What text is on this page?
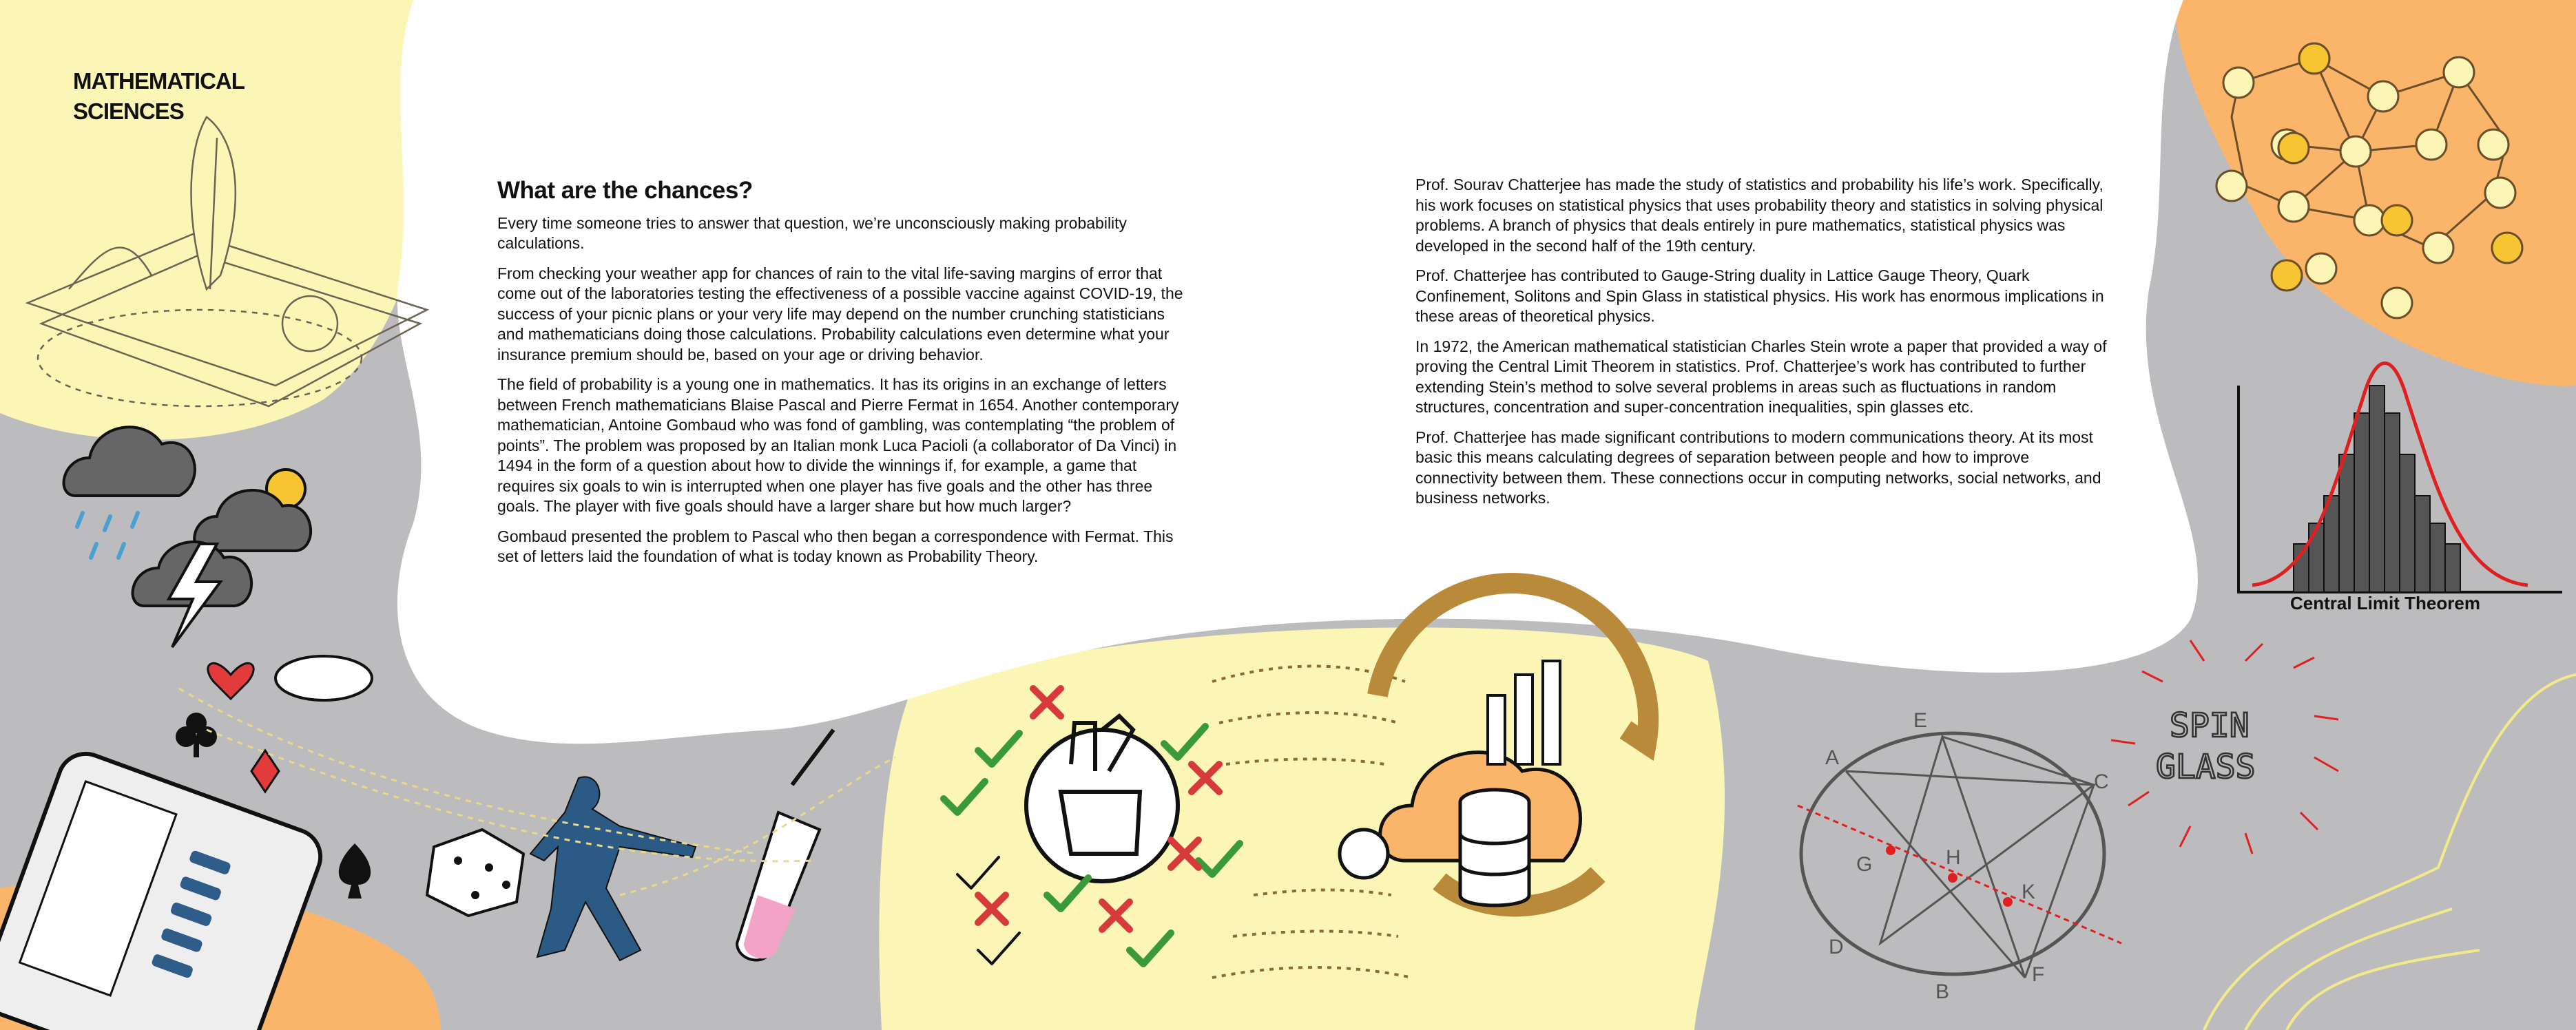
Central Limit Theorem
SPIN
GLASS
A
B
C
D
E
F
G	H
K
MATHEMATICAL SCIENCES
What are the chances?

Every time someone tries to answer that question, we’re unconsciously making probability calculations.

From checking your weather app for chances of rain to the vital life-saving margins of error that come out of the laboratories testing the effectiveness of a possible vaccine against COVID-19, the success of your picnic plans or your very life may depend on the number crunching statisticians and mathematicians doing those calculations. Probability calculations even determine what your insurance premium should be, based on your age or driving behavior.

The field of probability is a young one in mathematics. It has its origins in an exchange of letters between French mathematicians Blaise Pascal and Pierre Fermat in 1654. Another contemporary mathematician, Antoine Gombaud who was fond of gambling, was contemplating “the problem of points”. The problem was proposed by an Italian monk Luca Pacioli (a collaborator of Da Vinci) in 1494 in the form of a question about how to divide the winnings if, for example, a game that requires six goals to win is interrupted when one player has five goals and the other has three goals. The player with five goals should have a larger share but how much larger?

Gombaud presented the problem to Pascal who then began a correspondence with Fermat. This set of letters laid the foundation of what is today known as Probability Theory.

Prof. Sourav Chatterjee has made the study of statistics and probability his life’s work. Specifically, his work focuses on statistical physics that uses probability theory and statistics in solving physical problems. A branch of physics that deals entirely in pure mathematics, statistical physics was developed in the second half of the 19th century.

Prof. Chatterjee has contributed to Gauge-String duality in Lattice Gauge Theory, Quark Confinement, Solitons and Spin Glass in statistical physics. His work has enormous implications in these areas of theoretical physics.

In 1972, the American mathematical statistician Charles Stein wrote a paper that provided a way of proving the Central Limit Theorem in statistics. Prof. Chatterjee’s work has contributed to further extending Stein’s method to solve several problems in areas such as fluctuations in random structures, concentration and super-concentration inequalities, spin glasses etc.

Prof. Chatterjee has made significant contributions to modern communications theory. At its most basic this means calculating degrees of separation between people and how to improve connectivity between them. These connections occur in computing networks, social networks, and business networks.
